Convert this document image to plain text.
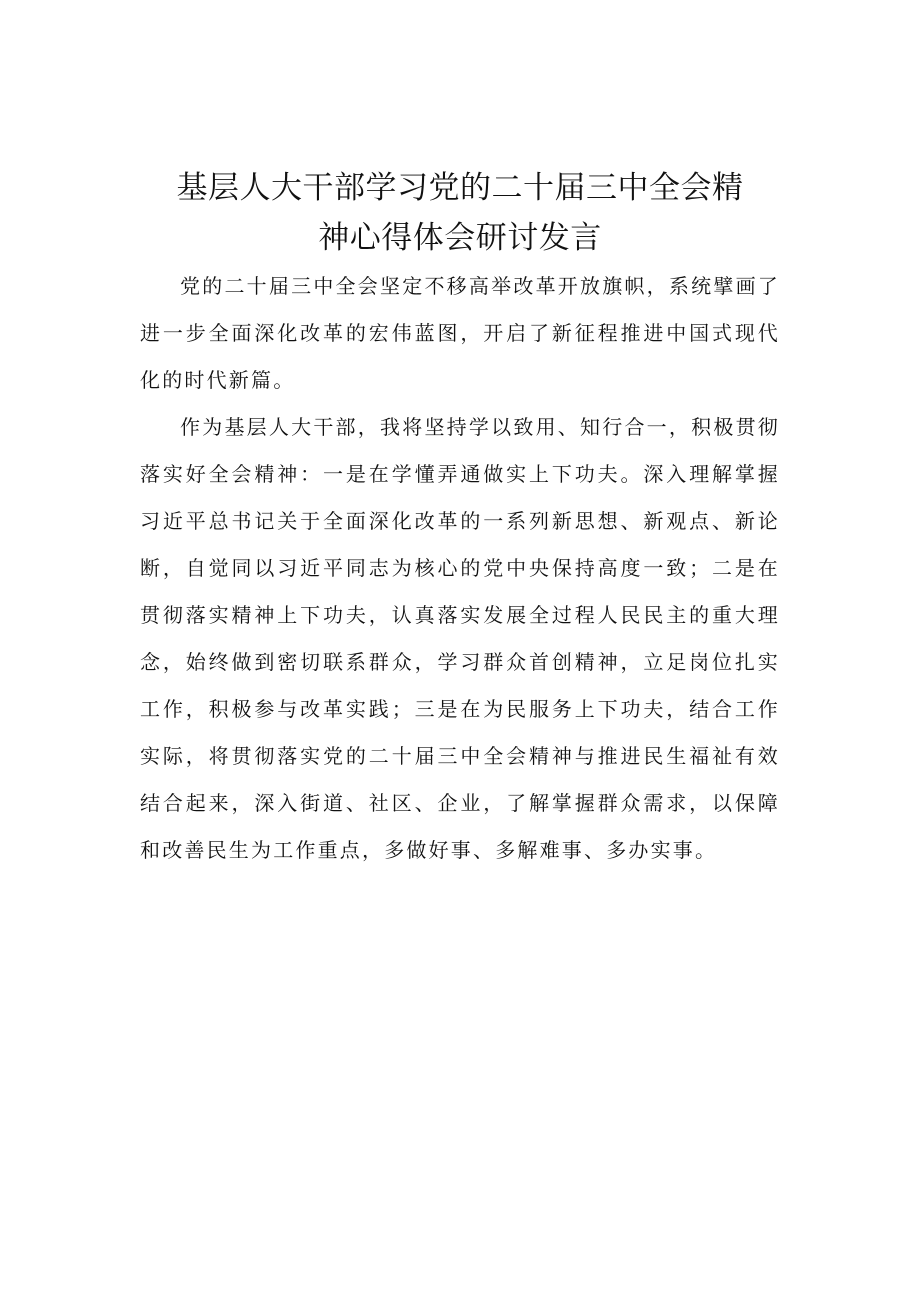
基层人大干部学习党的二十届三中全会精
神心得体会研讨发言

党的二十届三中全会坚定不移高举改革开放旗帜，系统擘画了进一步全面深化改革的宏伟蓝图，开启了新征程推进中国式现代化的时代新篇。

作为基层人大干部，我将坚持学以致用、知行合一，积极贯彻落实好全会精神：一是在学懂弄通做实上下功夫。深入理解掌握习近平总书记关于全面深化改革的一系列新思想、新观点、新论断，自觉同以习近平同志为核心的党中央保持高度一致；二是在贯彻落实精神上下功夫，认真落实发展全过程人民民主的重大理念，始终做到密切联系群众，学习群众首创精神，立足岗位扎实工作，积极参与改革实践；三是在为民服务上下功夫，结合工作实际，将贯彻落实党的二十届三中全会精神与推进民生福祉有效结合起来，深入街道、社区、企业，了解掌握群众需求，以保障和改善民生为工作重点，多做好事、多解难事、多办实事。
